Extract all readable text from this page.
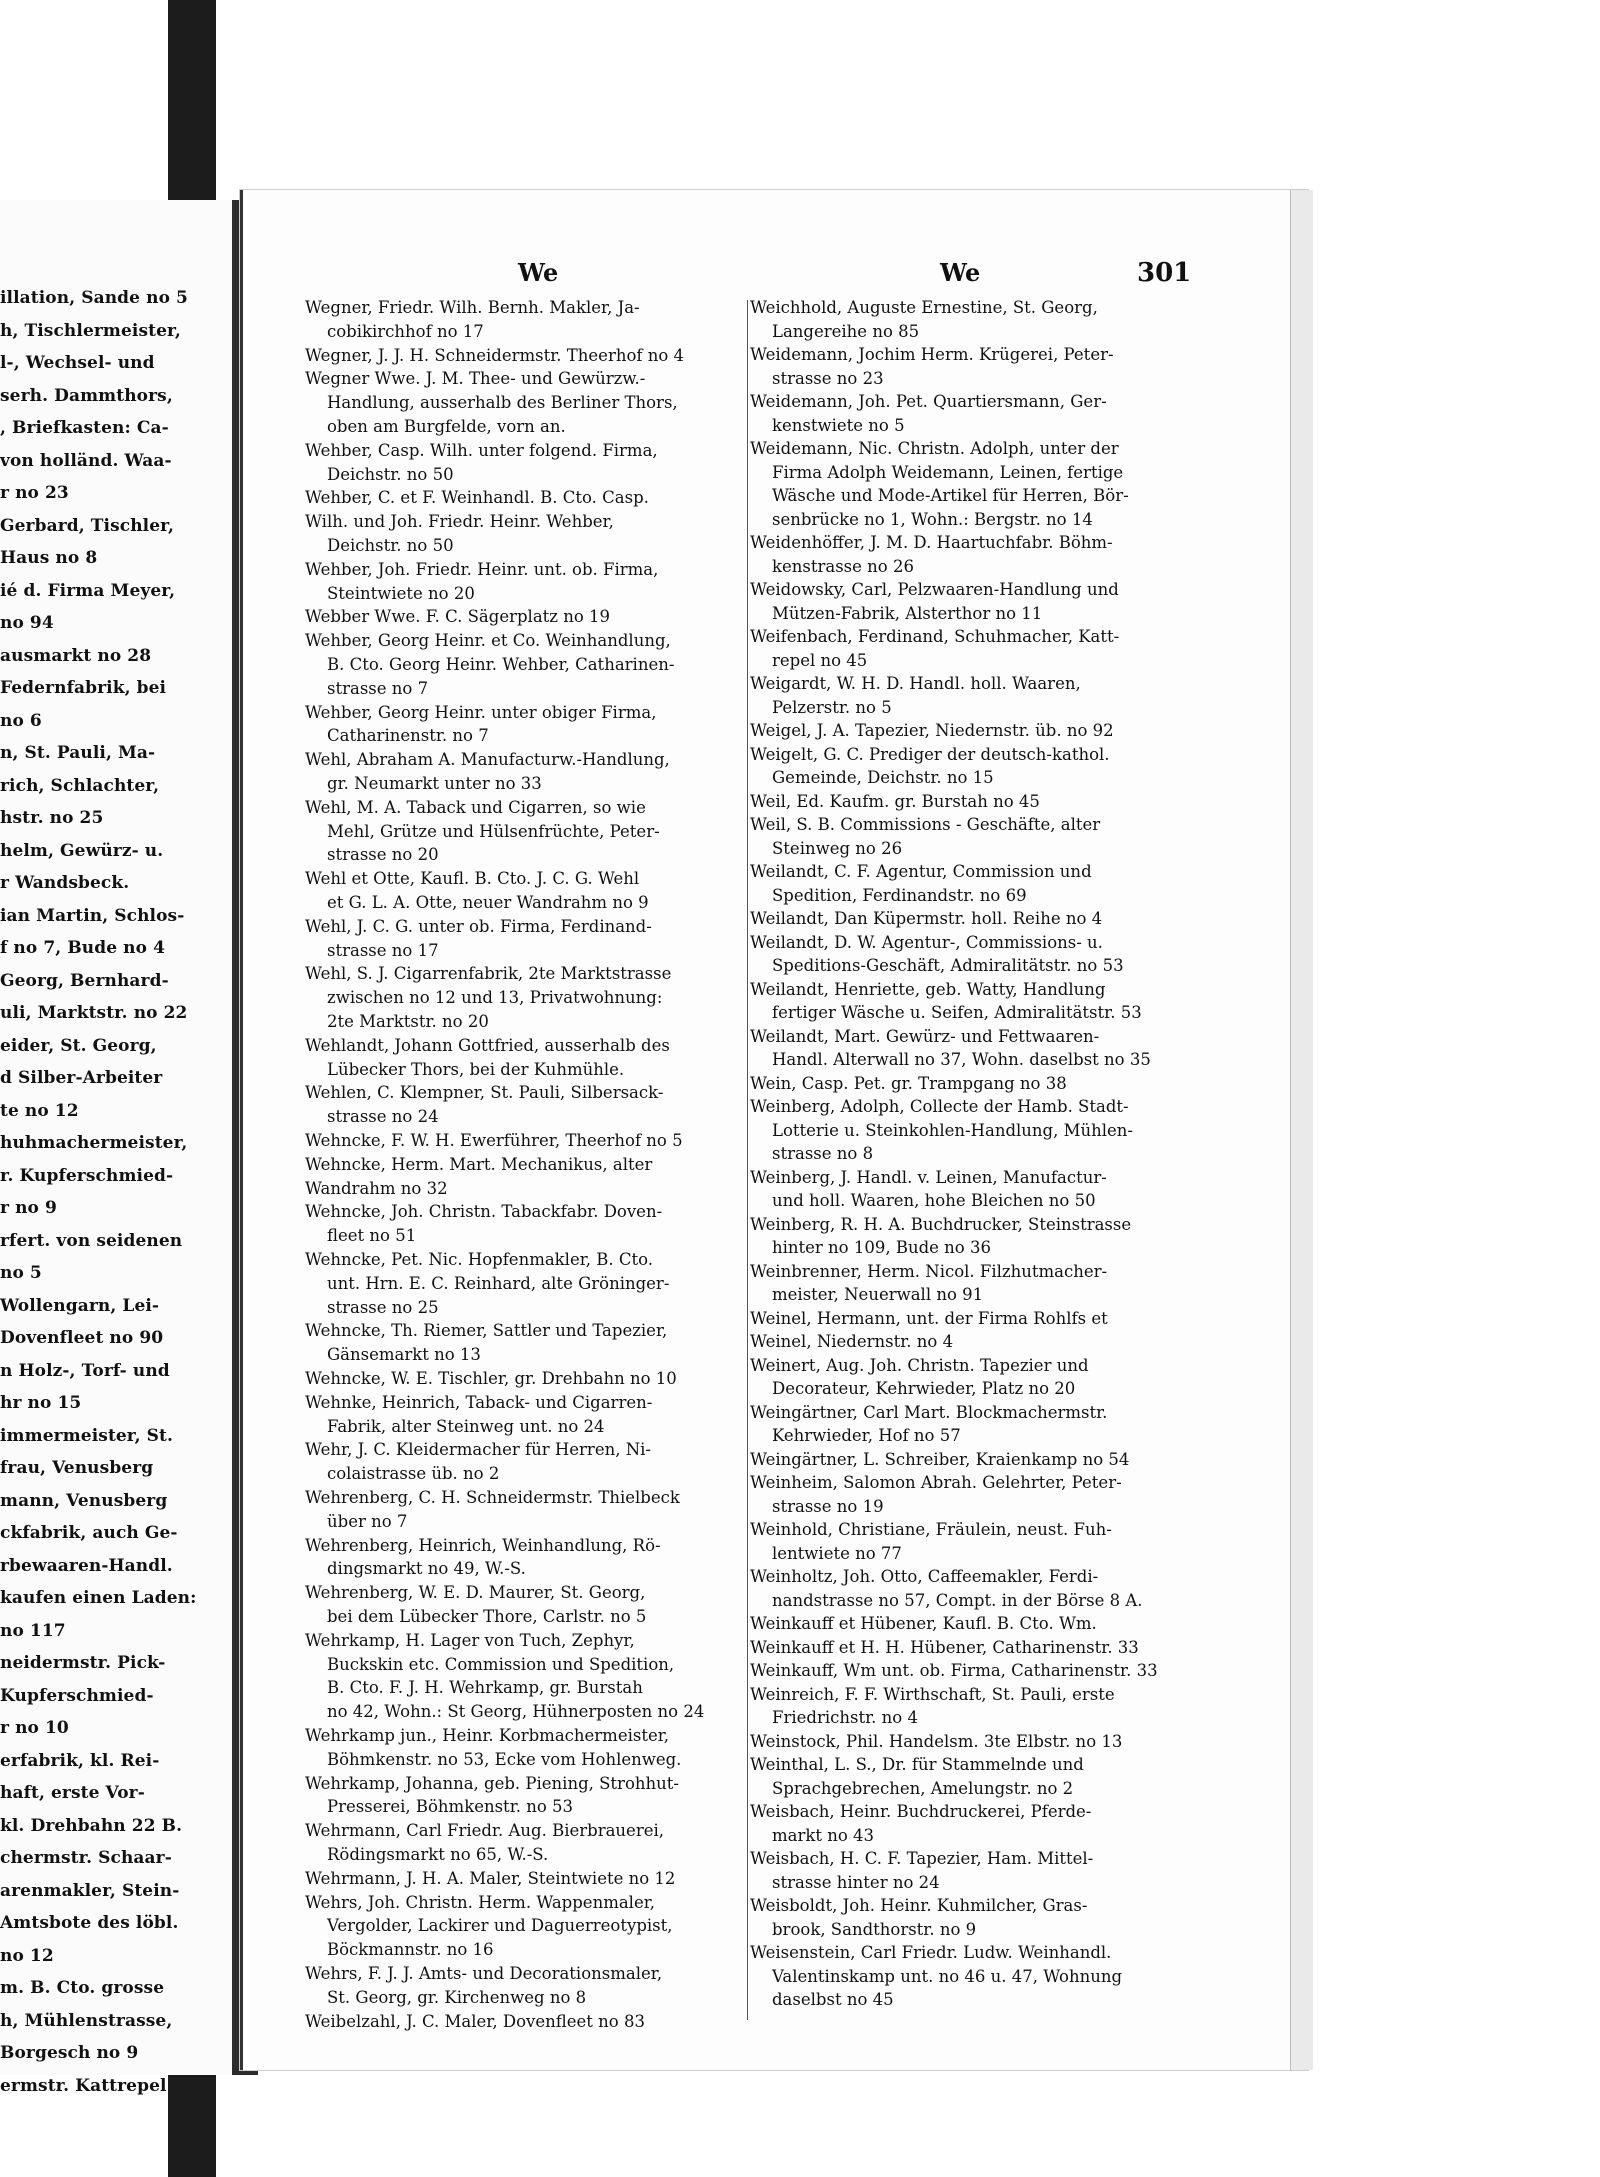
illation, Sande no 5
h, Tischlermeister,
l-, Wechsel- und
serh. Dammthors,
, Briefkasten: Ca-
von holländ. Waa-
r no 23
Gerbard, Tischler,
Haus no 8
ié d. Firma Meyer,
no 94
ausmarkt no 28
Federnfabrik, bei
no 6
n, St. Pauli, Ma-
rich, Schlachter,
hstr. no 25
helm, Gewürz- u.
r Wandsbeck.
ian Martin, Schlos-
f no 7, Bude no 4
Georg, Bernhard-
uli, Marktstr. no 22
eider, St. Georg,
d Silber-Arbeiter
te no 12
huhmachermeister,
r. Kupferschmied-
r no 9
rfert. von seidenen
no 5
Wollengarn, Lei-
Dovenfleet no 90
n Holz-, Torf- und
hr no 15
immermeister, St.
frau, Venusberg
mann, Venusberg
ckfabrik, auch Ge-
rbewaaren-Handl.
kaufen einen Laden:
no 117
neidermstr. Pick-
Kupferschmied-
r no 10
erfabrik, kl. Rei-
haft, erste Vor-
kl. Drehbahn 22 B.
chermstr. Schaar-
arenmakler, Stein-
Amtsbote des löbl.
no 12
m. B. Cto. grosse
h, Mühlenstrasse,
Borgesch no 9
ermstr. Kattrepel
We	We	301
Wegner, Friedr. Wilh. Bernh. Makler, Ja-
cobikirchhof no 17
Wegner, J. J. H. Schneidermstr. Theerhof no 4
Wegner Wwe. J. M. Thee- und Gewürzw.-
Handlung, ausserhalb des Berliner Thors,
oben am Burgfelde, vorn an.
Wehber, Casp. Wilh. unter folgend. Firma,
Deichstr. no 50
Wehber, C. et F. Weinhandl. B. Cto. Casp.
Wilh. und Joh. Friedr. Heinr. Wehber,
Deichstr. no 50
Wehber, Joh. Friedr. Heinr. unt. ob. Firma,
Steintwiete no 20
Webber Wwe. F. C. Sägerplatz no 19
Wehber, Georg Heinr. et Co. Weinhandlung,
B. Cto. Georg Heinr. Wehber, Catharinen-
strasse no 7
Wehber, Georg Heinr. unter obiger Firma,
Catharinenstr. no 7
Wehl, Abraham A. Manufacturw.-Handlung,
gr. Neumarkt unter no 33
Wehl, M. A. Taback und Cigarren, so wie
Mehl, Grütze und Hülsenfrüchte, Peter-
strasse no 20
Wehl et Otte, Kaufl. B. Cto. J. C. G. Wehl
et G. L. A. Otte, neuer Wandrahm no 9
Wehl, J. C. G. unter ob. Firma, Ferdinand-
strasse no 17
Wehl, S. J. Cigarrenfabrik, 2te Marktstrasse
zwischen no 12 und 13, Privatwohnung:
2te Marktstr. no 20
Wehlandt, Johann Gottfried, ausserhalb des
Lübecker Thors, bei der Kuhmühle.
Wehlen, C. Klempner, St. Pauli, Silbersack-
strasse no 24
Wehncke, F. W. H. Ewerführer, Theerhof no 5
Wehncke, Herm. Mart. Mechanikus, alter
Wandrahm no 32
Wehncke, Joh. Christn. Tabackfabr. Doven-
fleet no 51
Wehncke, Pet. Nic. Hopfenmakler, B. Cto.
unt. Hrn. E. C. Reinhard, alte Gröninger-
strasse no 25
Wehncke, Th. Riemer, Sattler und Tapezier,
Gänsemarkt no 13
Wehncke, W. E. Tischler, gr. Drehbahn no 10
Wehnke, Heinrich, Taback- und Cigarren-
Fabrik, alter Steinweg unt. no 24
Wehr, J. C. Kleidermacher für Herren, Ni-
colaistrasse üb. no 2
Wehrenberg, C. H. Schneidermstr. Thielbeck
über no 7
Wehrenberg, Heinrich, Weinhandlung, Rö-
dingsmarkt no 49, W.-S.
Wehrenberg, W. E. D. Maurer, St. Georg,
bei dem Lübecker Thore, Carlstr. no 5
Wehrkamp, H. Lager von Tuch, Zephyr,
Buckskin etc. Commission und Spedition,
B. Cto. F. J. H. Wehrkamp, gr. Burstah
no 42, Wohn.: St Georg, Hühnerposten no 24
Wehrkamp jun., Heinr. Korbmachermeister,
Böhmkenstr. no 53, Ecke vom Hohlenweg.
Wehrkamp, Johanna, geb. Piening, Strohhut-
Presserei, Böhmkenstr. no 53
Wehrmann, Carl Friedr. Aug. Bierbrauerei,
Rödingsmarkt no 65, W.-S.
Wehrmann, J. H. A. Maler, Steintwiete no 12
Wehrs, Joh. Christn. Herm. Wappenmaler,
Vergolder, Lackirer und Daguerreotypist,
Böckmannstr. no 16
Wehrs, F. J. J. Amts- und Decorationsmaler,
St. Georg, gr. Kirchenweg no 8
Weibelzahl, J. C. Maler, Dovenfleet no 83
Weichhold, Auguste Ernestine, St. Georg,
Langereihe no 85
Weidemann, Jochim Herm. Krügerei, Peter-
strasse no 23
Weidemann, Joh. Pet. Quartiersmann, Ger-
kenstwiete no 5
Weidemann, Nic. Christn. Adolph, unter der
Firma Adolph Weidemann, Leinen, fertige
Wäsche und Mode-Artikel für Herren, Bör-
senbrücke no 1, Wohn.: Bergstr. no 14
Weidenhöffer, J. M. D. Haartuchfabr. Böhm-
kenstrasse no 26
Weidowsky, Carl, Pelzwaaren-Handlung und
Mützen-Fabrik, Alsterthor no 11
Weifenbach, Ferdinand, Schuhmacher, Katt-
repel no 45
Weigardt, W. H. D. Handl. holl. Waaren,
Pelzerstr. no 5
Weigel, J. A. Tapezier, Niedernstr. üb. no 92
Weigelt, G. C. Prediger der deutsch-kathol.
Gemeinde, Deichstr. no 15
Weil, Ed. Kaufm. gr. Burstah no 45
Weil, S. B. Commissions - Geschäfte, alter
Steinweg no 26
Weilandt, C. F. Agentur, Commission und
Spedition, Ferdinandstr. no 69
Weilandt, Dan Küpermstr. holl. Reihe no 4
Weilandt, D. W. Agentur-, Commissions- u.
Speditions-Geschäft, Admiralitätstr. no 53
Weilandt, Henriette, geb. Watty, Handlung
fertiger Wäsche u. Seifen, Admiralitätstr. 53
Weilandt, Mart. Gewürz- und Fettwaaren-
Handl. Alterwall no 37, Wohn. daselbst no 35
Wein, Casp. Pet. gr. Trampgang no 38
Weinberg, Adolph, Collecte der Hamb. Stadt-
Lotterie u. Steinkohlen-Handlung, Mühlen-
strasse no 8
Weinberg, J. Handl. v. Leinen, Manufactur-
und holl. Waaren, hohe Bleichen no 50
Weinberg, R. H. A. Buchdrucker, Steinstrasse
hinter no 109, Bude no 36
Weinbrenner, Herm. Nicol. Filzhutmacher-
meister, Neuerwall no 91
Weinel, Hermann, unt. der Firma Rohlfs et
Weinel, Niedernstr. no 4
Weinert, Aug. Joh. Christn. Tapezier und
Decorateur, Kehrwieder, Platz no 20
Weingärtner, Carl Mart. Blockmachermstr.
Kehrwieder, Hof no 57
Weingärtner, L. Schreiber, Kraienkamp no 54
Weinheim, Salomon Abrah. Gelehrter, Peter-
strasse no 19
Weinhold, Christiane, Fräulein, neust. Fuh-
lentwiete no 77
Weinholtz, Joh. Otto, Caffeemakler, Ferdi-
nandstrasse no 57, Compt. in der Börse 8 A.
Weinkauff et Hübener, Kaufl. B. Cto. Wm.
Weinkauff et H. H. Hübener, Catharinenstr. 33
Weinkauff, Wm unt. ob. Firma, Catharinenstr. 33
Weinreich, F. F. Wirthschaft, St. Pauli, erste
Friedrichstr. no 4
Weinstock, Phil. Handelsm. 3te Elbstr. no 13
Weinthal, L. S., Dr. für Stammelnde und
Sprachgebrechen, Amelungstr. no 2
Weisbach, Heinr. Buchdruckerei, Pferde-
markt no 43
Weisbach, H. C. F. Tapezier, Ham. Mittel-
strasse hinter no 24
Weisboldt, Joh. Heinr. Kuhmilcher, Gras-
brook, Sandthorstr. no 9
Weisenstein, Carl Friedr. Ludw. Weinhandl.
Valentinskamp unt. no 46 u. 47, Wohnung
daselbst no 45
